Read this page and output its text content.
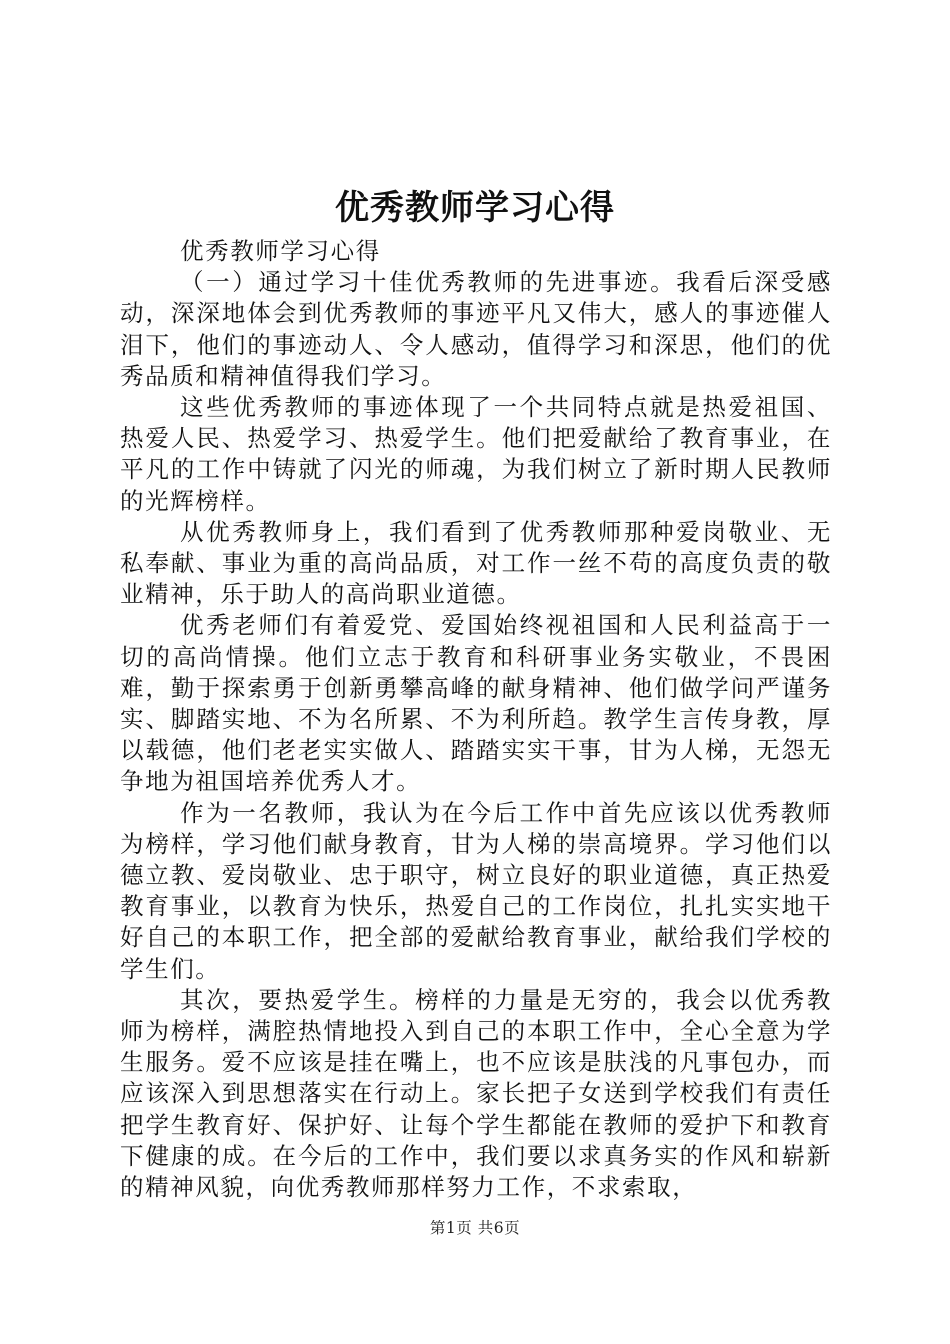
优秀教师学习心得

优秀教师学习心得

（一）通过学习十佳优秀教师的先进事迹。我看后深受感动，深深地体会到优秀教师的事迹平凡又伟大，感人的事迹催人泪下，他们的事迹动人、令人感动，值得学习和深思，他们的优秀品质和精神值得我们学习。

这些优秀教师的事迹体现了一个共同特点就是热爱祖国、热爱人民、热爱学习、热爱学生。他们把爱献给了教育事业，在平凡的工作中铸就了闪光的师魂，为我们树立了新时期人民教师的光辉榜样。

从优秀教师身上，我们看到了优秀教师那种爱岗敬业、无私奉献、事业为重的高尚品质，对工作一丝不苟的高度负责的敬业精神，乐于助人的高尚职业道德。

优秀老师们有着爱党、爱国始终视祖国和人民利益高于一切的高尚情操。他们立志于教育和科研事业务实敬业，不畏困难，勤于探索勇于创新勇攀高峰的献身精神、他们做学问严谨务实、脚踏实地、不为名所累、不为利所趋。教学生言传身教，厚以载德，他们老老实实做人、踏踏实实干事，甘为人梯，无怨无争地为祖国培养优秀人才。

作为一名教师，我认为在今后工作中首先应该以优秀教师为榜样，学习他们献身教育，甘为人梯的崇高境界。学习他们以德立教、爱岗敬业、忠于职守，树立良好的职业道德，真正热爱教育事业，以教育为快乐，热爱自己的工作岗位，扎扎实实地干好自己的本职工作，把全部的爱献给教育事业，献给我们学校的学生们。

其次，要热爱学生。榜样的力量是无穷的，我会以优秀教师为榜样，满腔热情地投入到自己的本职工作中，全心全意为学生服务。爱不应该是挂在嘴上，也不应该是肤浅的凡事包办，而应该深入到思想落实在行动上。家长把子女送到学校我们有责任把学生教育好、保护好、让每个学生都能在教师的爱护下和教育下健康的成。在今后的工作中，我们要以求真务实的作风和崭新的精神风貌，向优秀教师那样努力工作，不求索取，

第1页 共6页
